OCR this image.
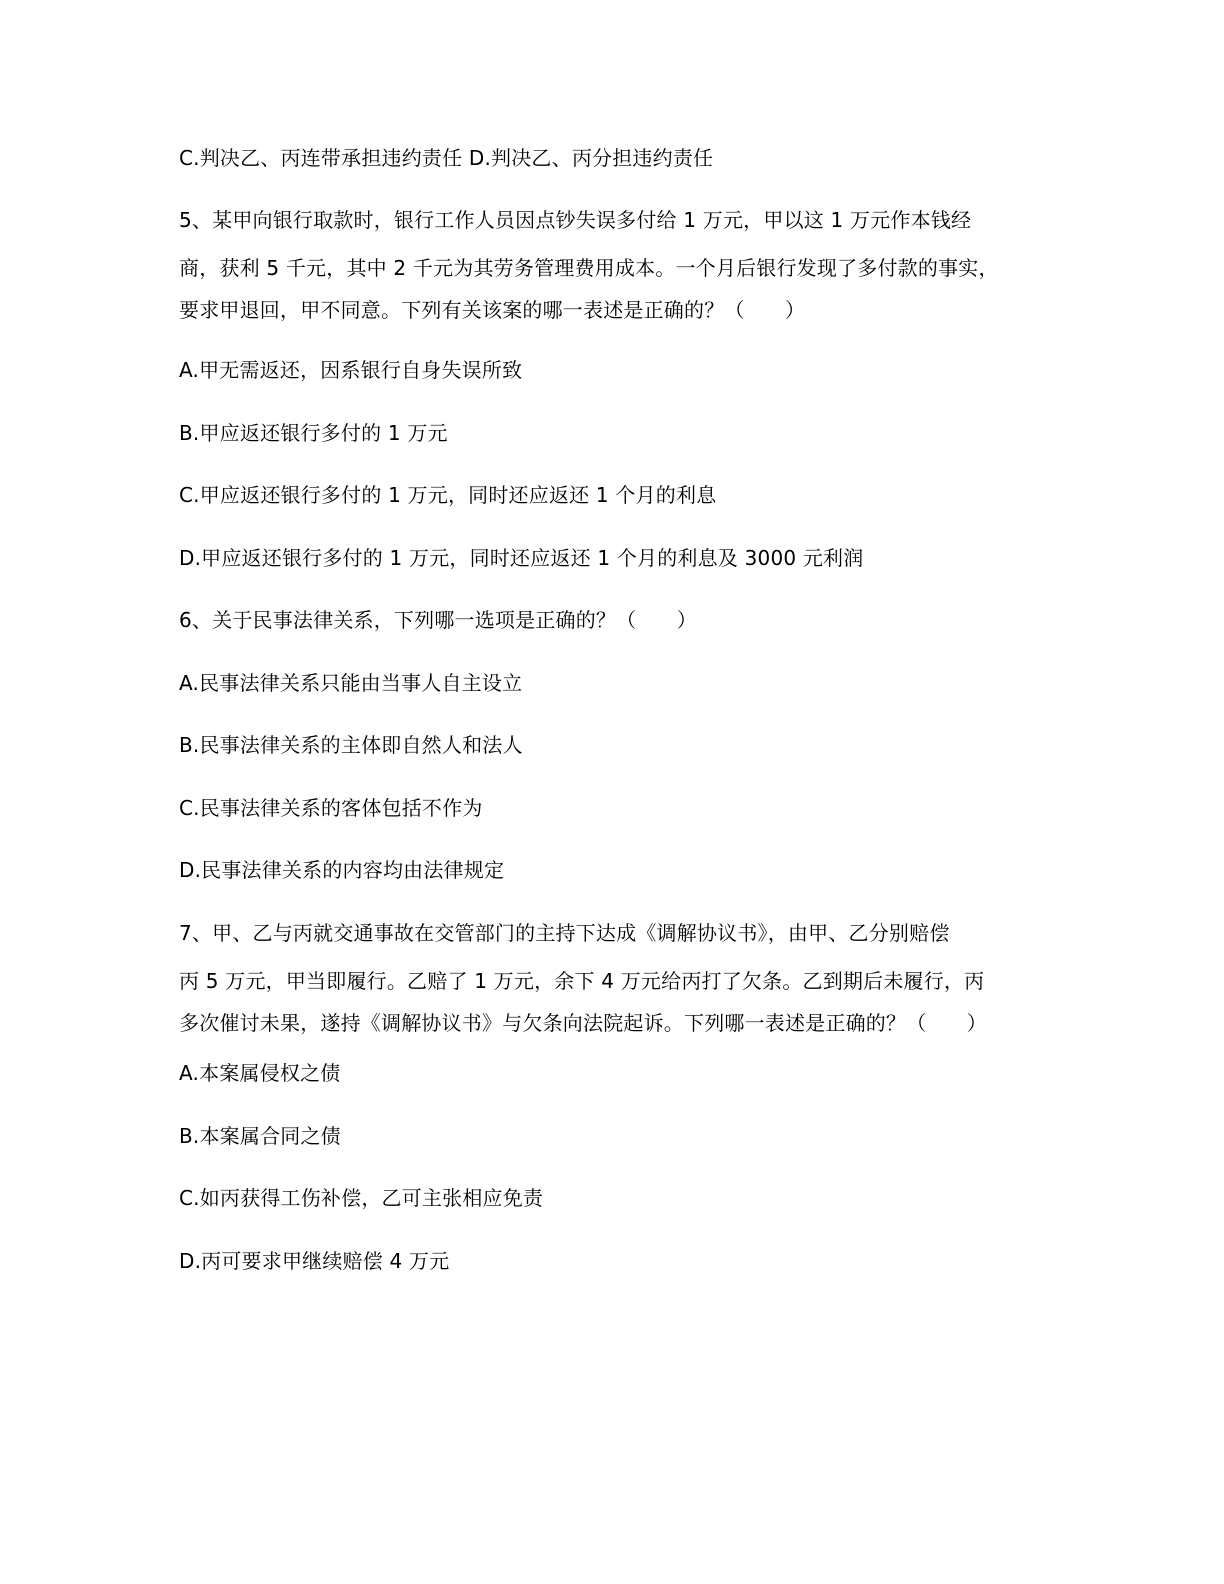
C.判决乙、丙连带承担违约责任 D.判决乙、丙分担违约责任
5、某甲向银行取款时，银行工作人员因点钞失误多付给 1 万元，甲以这 1 万元作本钱经
商，获利 5 千元，其中 2 千元为其劳务管理费用成本。一个月后银行发现了多付款的事实，
要求甲退回，甲不同意。下列有关该案的哪一表述是正确的？（　　）
A.甲无需返还，因系银行自身失误所致
B.甲应返还银行多付的 1 万元
C.甲应返还银行多付的 1 万元，同时还应返还 1 个月的利息
D.甲应返还银行多付的 1 万元，同时还应返还 1 个月的利息及 3000 元利润
6、关于民事法律关系，下列哪一选项是正确的？（　　）
A.民事法律关系只能由当事人自主设立
B.民事法律关系的主体即自然人和法人
C.民事法律关系的客体包括不作为
D.民事法律关系的内容均由法律规定
7、甲、乙与丙就交通事故在交管部门的主持下达成《调解协议书》，由甲、乙分别赔偿
丙 5 万元，甲当即履行。乙赔了 1 万元，余下 4 万元给丙打了欠条。乙到期后未履行，丙
多次催讨未果，遂持《调解协议书》与欠条向法院起诉。下列哪一表述是正确的？（　　）
A.本案属侵权之债
B.本案属合同之债
C.如丙获得工伤补偿，乙可主张相应免责
D.丙可要求甲继续赔偿 4 万元
